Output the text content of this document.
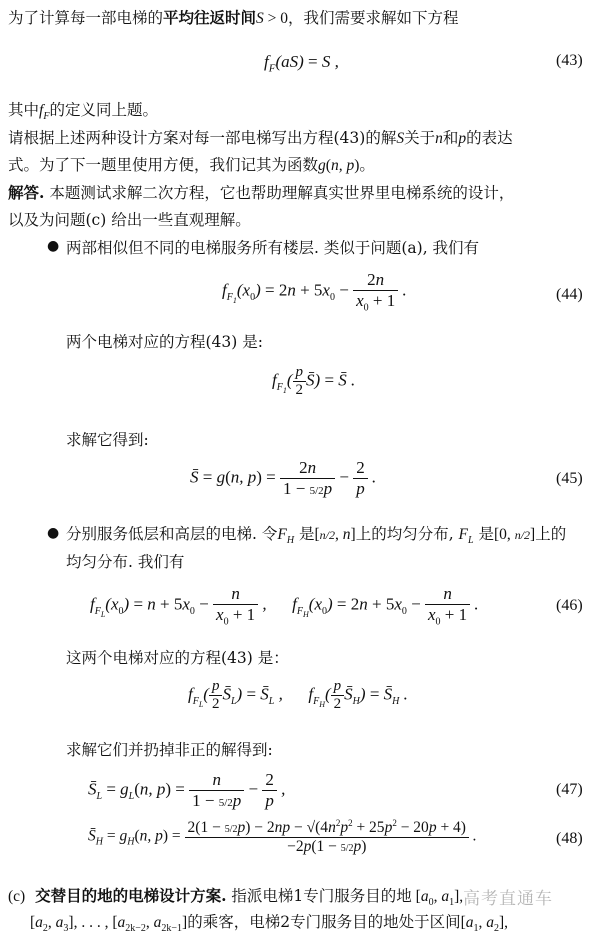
为了计算每一部电梯的平均往返时间S > 0，我们需要求解如下方程
$f_F(aS) = S$ ,	(43)
其中$f_F$的定义同上题。
请根据上述两种设计方案对每一部电梯写出方程(43)的解S关于n和p的表达
式。为了下一题里使用方便，我们记其为函数g(n, p)。
解答. 本题测试求解二次方程，它也帮助理解真实世界里电梯系统的设计，
以及为问题(c) 给出一些直观理解。
● 两部相似但不同的电梯服务所有楼层. 类似于问题(a), 我们有
$f_{F_1}(x_0) = 2n + 5x_0 - \frac{2n}{x_0 + 1}$ .	(44)
两个电梯对应的方程(43) 是:
$f_{F_1}( \frac{p}{2}$ S̄) = S̄ .
求解它得到:
S̄ = g(n, $p) = \frac{2n}{1 - 5/2p} - \frac{2}{p}$ .	(45)
● 分别服务低层和高层的电梯. 令$F_H$ 是[n/2, n]上的均匀分布, $F_L$ 是[0, n/2]上的
均匀分布. 我们有
$f_{F_L}(x_0) = n + 5x_0 - \frac{n}{x_0 + 1}$ ,      $f_{F_H}(x_0) = 2n + 5x_0 - \frac{n}{x_0 + 1}$ .	(46)
这两个电梯对应的方程(43) 是：
$f_{F_L}( \frac{p}{2}$ $S̄_L$) = $S̄_L$ ,      $f_{F_H}( \frac{p}{2}$ $S̄_H$) = $S̄_H$ .
求解它们并扔掉非正的解得到:
$S̄_L = g_L(n$, $p) = \frac{n}{1 - 5/2p} - \frac{2}{p}$ ,	(47)
$S̄_H = g_H(n$, $p) = \frac{2(1 - 5/2p) - 2np - √(4n^2p^2 + 25p^2 - 20p + 4)}{-2p(1 - 5/2p)}$ .	(48)
(c) 交替目的地的电梯设计方案. 指派电梯1专门服务目的地 [$a_0$, $a_1$],
[$a_2$, $a_3$], . . . , [$a_{2k-2}$, $a_{2k-1}$]的乘客，电梯2专门服务目的地处于区间[$a_1$, $a_2$],
高考直通车
